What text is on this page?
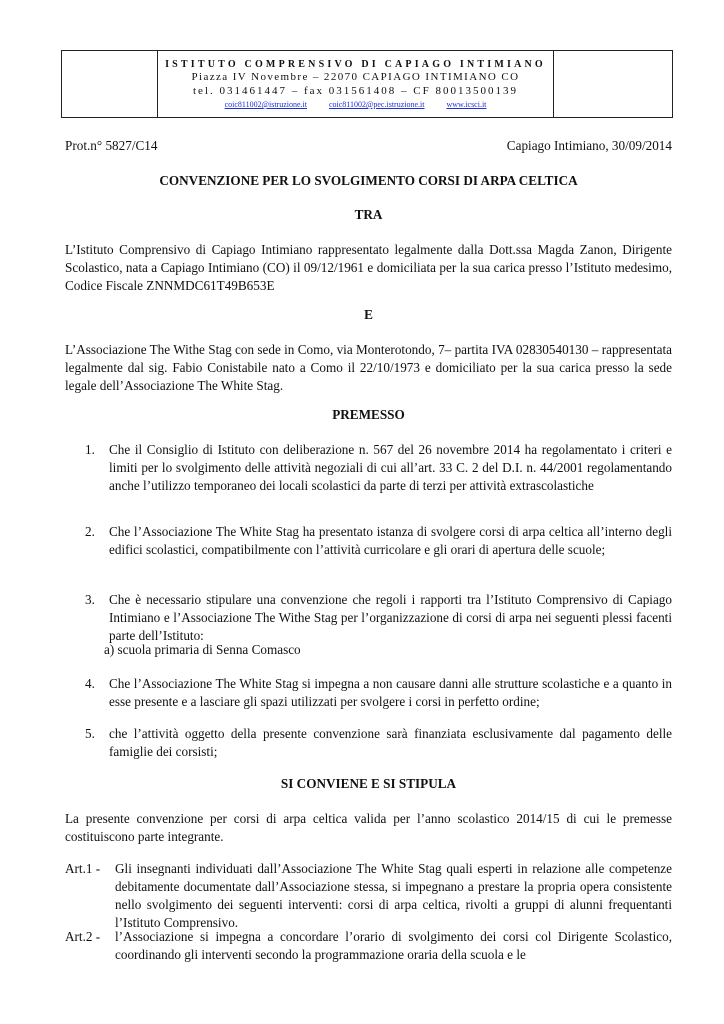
ISTITUTO COMPRENSIVO DI CAPIAGO INTIMIANO
Piazza IV Novembre – 22070 CAPIAGO INTIMIANO CO
tel. 031461447 – fax 031561408 – CF 80013500139
coic811002@istruzione.it	coic811002@pec.istruzione.it	www.icsci.it
Prot.n° 5827/C14	Capiago Intimiano, 30/09/2014
CONVENZIONE PER LO SVOLGIMENTO CORSI DI ARPA CELTICA
TRA
L’Istituto Comprensivo di Capiago Intimiano rappresentato legalmente dalla Dott.ssa Magda Zanon, Dirigente Scolastico, nata a Capiago Intimiano (CO) il 09/12/1961 e domiciliata per la sua carica presso l’Istituto medesimo, Codice Fiscale ZNNMDC61T49B653E
E
L’Associazione The Withe Stag con sede in Como, via Monterotondo, 7– partita IVA 02830540130 – rappresentata legalmente dal sig. Fabio Conistabile nato a Como il 22/10/1973 e domiciliato per la sua carica presso la sede legale dell’Associazione The White Stag.
PREMESSO
1.	Che il Consiglio di Istituto con deliberazione n. 567 del 26 novembre 2014 ha regolamentato i criteri e limiti per lo svolgimento delle attività negoziali di cui all’art. 33 C. 2 del D.I. n. 44/2001 regolamentando anche l’utilizzo temporaneo dei locali scolastici da parte di terzi per attività extrascolastiche
2.	Che l’Associazione The White Stag ha presentato istanza di svolgere corsi di arpa celtica all’interno degli edifici scolastici, compatibilmente con l’attività curricolare e gli orari di apertura delle scuole;
3.	Che è necessario stipulare una convenzione che regoli i rapporti tra l’Istituto Comprensivo di Capiago Intimiano e l’Associazione The Withe Stag per l’organizzazione di corsi di arpa nei seguenti plessi facenti parte dell’Istituto:
a) scuola primaria di Senna Comasco
4.	Che l’Associazione The White Stag si impegna a non causare danni alle strutture scolastiche e a quanto in esse presente e a lasciare gli spazi utilizzati per svolgere i corsi in perfetto ordine;
5.	che l’attività oggetto della presente convenzione sarà finanziata esclusivamente dal pagamento delle famiglie dei corsisti;
SI CONVIENE E SI STIPULA
La presente convenzione per corsi di arpa celtica valida per l’anno scolastico 2014/15 di cui le premesse costituiscono parte integrante.
Art.1 -	Gli insegnanti individuati dall’Associazione The White Stag quali esperti in relazione alle competenze debitamente documentate dall’Associazione stessa, si impegnano a prestare la propria opera consistente nello svolgimento dei seguenti interventi: corsi di arpa celtica, rivolti a gruppi di alunni frequentanti l’Istituto Comprensivo.
Art.2 -	l’Associazione si impegna a concordare l’orario di svolgimento dei corsi col Dirigente Scolastico, coordinando gli interventi secondo la programmazione oraria della scuola e le
